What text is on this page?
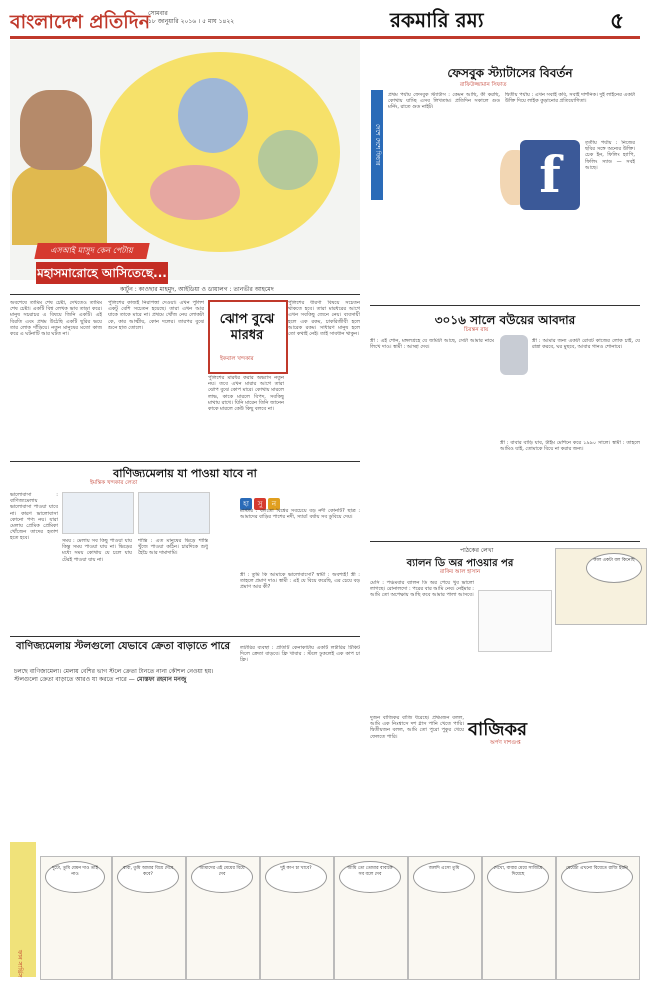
বাংলাদেশ প্রতিদিন
সোমবার
১৮ জানুয়ারি ২০১৬ । ৫ মাঘ ১৪২২	রকমারি রম্য	৫
এসআই মাসুদ কেন পেটায়
মহাসমারোহে আসিতেছে...
কার্টুন : কাওছার মাহমুদ, আইডিয়া ও ডায়ালগ : তানভীর আহমেদ
অবশেষে তামিম শেষ চেষ্টা, দেখতেও তামিম শেষ চেষ্টা। একটি বিশ্ব লেখক ভাব তাড়া করে। মানুষ সচরাচর এ বিষয়ে জিনি একটি। এই বিরতি এবং প্রথম উঠেছি একটি ছুরির ভয়ে তার লোক দাঁড়িয়ে। নতুন মানুষের মতো কাজ করে এ ঘটনাটি আর ঘটত না।
পুলিশের কাজই নিরাপত্তা দেওয়া। এখন পুলিশ একটু বেশি সচেতন হয়েছে। তারা এখন আর যাকে তাকে মারে না। প্রথমে খোঁজ নেয় লোকটা কে, কার আত্মীয়, কোন দলের। তারপর বুঝে শুনে হাত তোলে।
পুলিশের ধারণা বিষয়ে সচেতন থাকতে হবে। তারা মারধরের আগে এখন সবকিছু জেনে নেয়। ব্যবসায়ী হলে এক রকম, চাকরিজীবী হলে আরেক রকম। সাধারণ মানুষ হলে তো কথাই নেই। তাই সাবধান থাকুন।
ঝোপ বুঝে মারধর
ইকবাল খন্দকার
পুলিশের মারধর করার অভ্যাস নতুন নয়। তবে এখন মারার আগে তারা ঝোপ বুঝে কোপ মারে। কোথায় মারলে লাভ, কাকে মারলে বিপদ, সবকিছু মাথায় রাখে। যিনি মারেন তিনি জানেন কাকে মারলে কেউ কিছু বলবে না।
বাণিজ্যমেলায় যা পাওয়া যাবে না
ইমন্তিক খন্দকার লেতা
ভালোবাসা : বাণিজ্যমেলায় ভালোবাসা পাওয়া যাবে না। কারণ ভালোবাসা কোনো পণ্য নয়। যারা মেলায় প্রেমিক প্রেমিকা খোঁজেন তাদের হতাশ হতে হবে।	সময় : মেলায় সব কিছু পাওয়া যায় কিন্তু সময় পাওয়া যায় না। ভিড়ের মধ্যে সময় কোথায় যে চলে যায় টেরই পাওয়া যায় না।
শান্তি : এত মানুষের ভিড়ে শান্তি খুঁজে পাওয়া কঠিন। চারদিকে শুধু হৈচৈ আর দামাদামি।
হা সু ন
মাস্টার : বলতো বিশ্বের সবচেয়ে বড় নদী কোনটি? ছাত্র : আমাদের বাড়ির পাশের নদী, স্যার! বর্ষায় সব ডুবিয়ে দেয়।
স্ত্রী : তুমি কি আমাকে ভালোবাসো? স্বামী : অবশ্যই! স্ত্রী : তাহলে প্রমাণ দাও। স্বামী : এই যে বিয়ে করেছি, এর চেয়ে বড় প্রমাণ আর কী?
বাণিজ্যমেলায় স্টলগুলো যেভাবে ক্রেতা বাড়াতে পারে
চলছে বাণিজ্যমেলা। মেলায় বেশির ভাগ স্টলে ক্রেতা টানতে নানা কৌশল নেওয়া হয়। স্টলগুলো ক্রেতা বাড়াতে আরও যা করতে পারে — মোস্তফা রহমান মনজু
লটারির ব্যবস্থা : প্রতিটি কেনাকাটায় একটি লটারির টিকিট দিলে ক্রেতা বাড়বে। ফ্রি খাবার : স্টলে ঢুকলেই এক কাপ চা ফ্রি।
ফেসবুক স্ট্যাটাসের বিবর্তন
রাফিউজ্জামান সিফাত
দেশে দেশে ফিচার
f
প্রথম পর্যায় ফেসবুক স্ট্যাটাস : কেমন আছি, কী করছি, কোথায় যাচ্ছি এসব লিখতাম। প্রতিদিন সকালে গুড মর্নিং, রাতে গুড নাইট।
দ্বিতীয় পর্যায় : এখন সবাই কবি, সবাই দার্শনিক। দুই লাইনের একটা উক্তি দিয়ে লাইক কুড়ানোর প্রতিযোগিতা।
তৃতীয় পর্যায় : নিজের ছবির সঙ্গে অন্যের উক্তি। চেক ইন, ফিলিং হ্যাপি, ফিলিং স্যাড — সবই আছে।
৩০১৬ সালে বউয়ের আবদার
চিরন্তন রায়
স্ত্রী : এই শোন, মঙ্গলগ্রহে যে জমিটা আছে, সেটা আমার নামে লিখে দাও। স্বামী : আচ্ছা দেব।
স্ত্রী : আমার জন্য একটা রোবট কাজের লোক চাই, যে রান্না করবে, ঘর মুছবে, আবার গানও শোনাবে।
স্ত্রী : বাবার বাড়ি যাব, টাইম মেশিনে করে ১৯৯০ সালে। স্বামী : তাহলে আমিও যাই, তোমাকে বিয়ে না করার জন্য।
পাঠকের লেখা
ব্যালন ডি অর পাওয়ার পর
রাকিব আল হাসান
কাল একটা বল কিনেছি
মেসি : পঞ্চমবার ব্যালন ডি অর পেয়ে খুব ভালো লাগছে। রোনালদো : পরের বার আমি নেব। নেইমার : আমি তো অপেক্ষায় আছি কবে আমার পালা আসবে।
বাজিকর
অর্পণ দাশগুপ্ত
দুজন বাজিকর বাজি ধরেছে। প্রথমজন বলল, আমি এক নিঃশ্বাসে দশ গ্লাস পানি খেতে পারি। দ্বিতীয়জন বলল, আমি তো পুরো পুকুর খেয়ে ফেলতে পারি।
ফান সার্ভিস
দুটো, তুমি যেমন দাও তাই নাও
বাবা, তুমি আমার বিয়ে দেবে কবে?
আমাদের এই মেয়ের বিয়ে দেব
দুই কাপ চা খাবে?	আমি তো তোমার বাবাকে সব বলে দেব
জলদি এসো তুমি	দেখো, বাবার মেয়ে সাজিয়ে দিয়েছে
মেয়েটা এখনো বিয়েতে রাজি হয়নি
